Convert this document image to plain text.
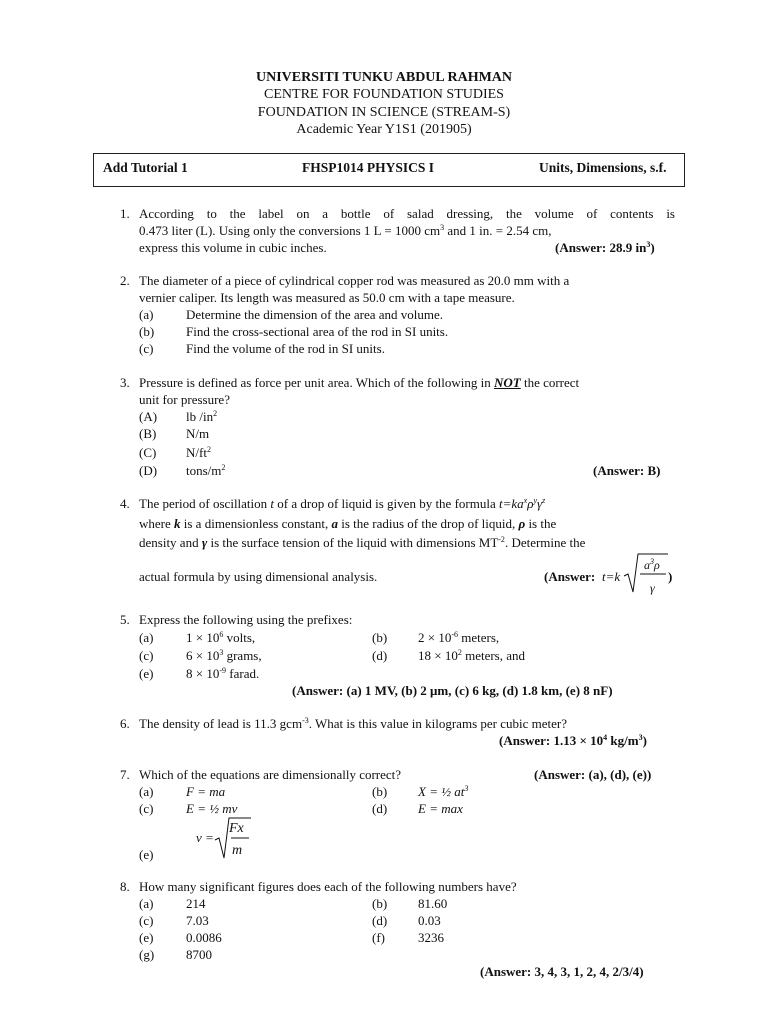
UNIVERSITI TUNKU ABDUL RAHMAN
CENTRE FOR FOUNDATION STUDIES
FOUNDATION IN SCIENCE (STREAM-S)
Academic Year Y1S1 (201905)
Add Tutorial 1	FHSP1014 PHYSICS I	Units, Dimensions, s.f.
1. According to the label on a bottle of salad dressing, the volume of contents is
0.473 liter (L). Using only the conversions 1 L = 1000 $cm^3$ and 1 in. = 2.54 cm,
express this volume in cubic inches.	(Answer: 28.9 $in^3$)
2. The diameter of a piece of cylindrical copper rod was measured as 20.0 mm with a
vernier caliper. Its length was measured as 50.0 cm with a tape measure.
(a)	Determine the dimension of the area and volume.
(b) Find the cross-sectional area of the rod in SI units.
(c)	Find the volume of the rod in SI units.
3. Pressure is defined as force per unit area. Which of the following in NOT the correct
unit for pressure?
(A) lb $/in^2$
(B) N/m
(C) $N/ft^2$
(D) tons/$m^2$	(Answer: B)
4. The period of oscillation t of a drop of liquid is given by the formula $t=ka^x\rho^y\gamma^z$
where k is a dimensionless constant, a is the radius of the drop of liquid, ρ is the
density and γ is the surface tension of the liquid with dimensions $MT^{-2}$. Determine the
actual formula by using dimensional analysis.	(Answer: t=k
$a^3\rho$
γ
)
5. Express the following using the prefixes:
(a)	$1 \times 10^6$ volts,	(b) $2 \times 10^{-6}$ meters,
(c)	$6 \times 10^3$ grams,	(d) $18 \times 10^2$ meters, and
(e)	$8 \times 10^{-9}$ farad.
(Answer: (a) 1 MV, (b) 2 μm, (c) 6 kg, (d) 1.8 km, (e) 8 nF)
6. The density of lead is 11.3 gcm$^{-3}$. What is this value in kilograms per cubic meter?
(Answer: $1.13 \times 10^4$ $kg/m^3$)
7. Which of the equations are dimensionally correct?	(Answer: (a), (d), (e))
(a)	F = ma	(b) X = ½ $at^3$
(c)	E = ½ mv	(d) E = max
v =
Fx
m
(e)
8. How many significant figures does each of the following numbers have?
(a)	214	(b) 81.60
(c)	7.03	(d) 0.03
(e)	0.0086	(f)	3236
(g) 8700
(Answer: 3, 4, 3, 1, 2, 4, 2/3/4)
